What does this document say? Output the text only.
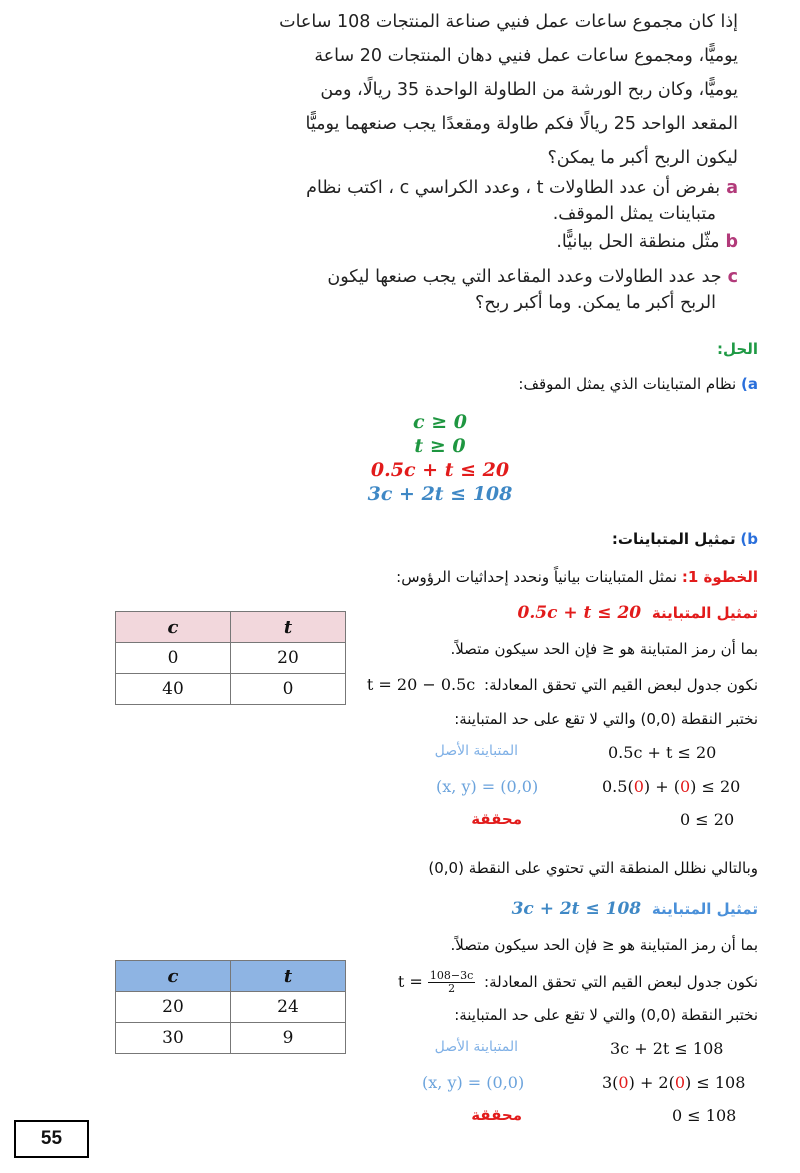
إذا كان مجموع ساعات عمل فنيي صناعة المنتجات 108 ساعات
يوميًّا، ومجموع ساعات عمل فنيي دهان المنتجات 20 ساعة
يوميًّا، وكان ربح الورشة من الطاولة الواحدة 35 ريالًا، ومن
المقعد الواحد 25 ريالًا فكم طاولة ومقعدًا يجب صنعهما يوميًّا
ليكون الربح أكبر ما يمكن؟
aبفرض أن عدد الطاولات t ، وعدد الكراسي c ، اكتب نظام
متباينات يمثل الموقف.
bمثّل منطقة الحل بيانيًّا.
cجد عدد الطاولات وعدد المقاعد التي يجب صنعها ليكون
الربح أكبر ما يمكن. وما أكبر ربح؟
الحل:
a) نظام المتباينات الذي يمثل الموقف:
c ≥ 0
t ≥ 0
0.5c + t ≤ 20
3c + 2t ≤ 108
b) تمثيل المتباينات:
الخطوة 1: نمثل المتباينات بيانياً ونحدد إحداثيات الرؤوس:
تمثيل المتباينة 0.5c + t ≤ 20
c	t
0	20
40	0
بما أن رمز المتباينة هو ≤ فإن الحد سيكون متصلاً.
نكون جدول لبعض القيم التي تحقق المعادلة: t = 20 − 0.5c
نختبر النقطة (0,0) والتي لا تقع على حد المتباينة:
المتباينة الأصل	0.5c + t ≤ 20
(x, y) = (0,0)	0.5(0) + (0) ≤ 20
محققة	0 ≤ 20
وبالتالي نظلل المنطقة التي تحتوي على النقطة (0,0)
تمثيل المتباينة 3c + 2t ≤ 108
بما أن رمز المتباينة هو ≤ فإن الحد سيكون متصلاً.
c	t
20	24
30	9
نكون جدول لبعض القيم التي تحقق المعادلة: $t = \frac{108-3c}{2}$
نختبر النقطة (0,0) والتي لا تقع على حد المتباينة:
المتباينة الأصل	3c + 2t ≤ 108
(x, y) = (0,0)	3(0) + 2(0) ≤ 108
محققة	0 ≤ 108
55
